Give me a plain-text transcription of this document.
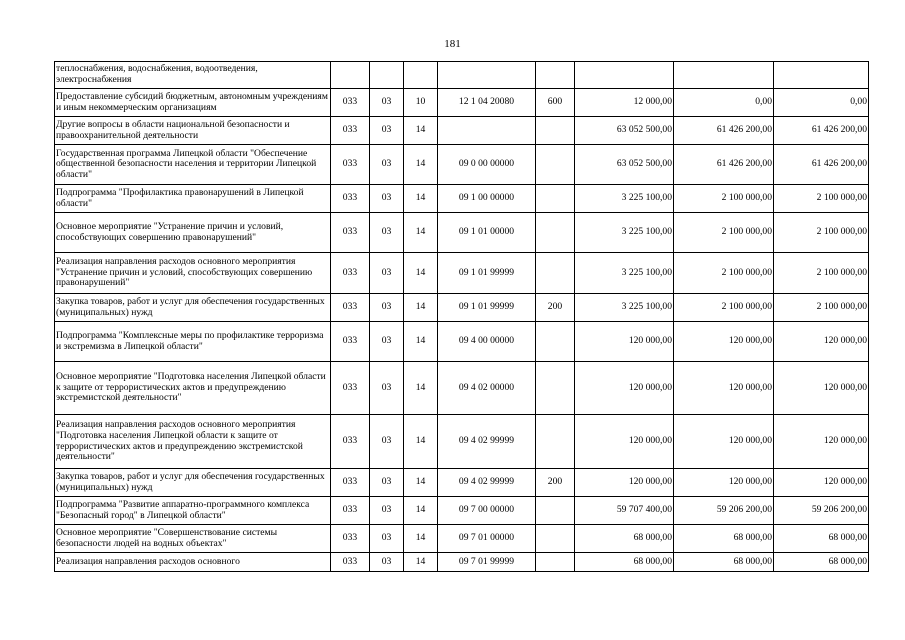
181
теплоснабжения, водоснабжения, водоотведения, электроснабжения								
Предоставление субсидий бюджетным, автономным учреждениям и иным некоммерческим организациям	033	03	10	12 1 04 20080	600	12 000,00	0,00	0,00
Другие вопросы в области национальной безопасности и правоохранительной деятельности	033	03	14			63 052 500,00	61 426 200,00	61 426 200,00
Государственная программа Липецкой области "Обеспечение общественной безопасности населения и территории Липецкой области"	033	03	14	09 0 00 00000		63 052 500,00	61 426 200,00	61 426 200,00
Подпрограмма "Профилактика правонарушений в Липецкой области"	033	03	14	09 1 00 00000		3 225 100,00	2 100 000,00	2 100 000,00
Основное мероприятие "Устранение причин и условий, способствующих совершению правонарушений"	033	03	14	09 1 01 00000		3 225 100,00	2 100 000,00	2 100 000,00
Реализация направления расходов основного мероприятия "Устранение причин и условий, способствующих совершению правонарушений"	033	03	14	09 1 01 99999		3 225 100,00	2 100 000,00	2 100 000,00
Закупка товаров, работ и услуг для обеспечения государственных (муниципальных) нужд	033	03	14	09 1 01 99999	200	3 225 100,00	2 100 000,00	2 100 000,00
Подпрограмма "Комплексные меры по профилактике терроризма и экстремизма в Липецкой области"	033	03	14	09 4 00 00000		120 000,00	120 000,00	120 000,00
Основное мероприятие "Подготовка населения Липецкой области к защите от террористических актов и предупреждению экстремистской деятельности"	033	03	14	09 4 02 00000		120 000,00	120 000,00	120 000,00
Реализация направления расходов основного мероприятия "Подготовка населения Липецкой области к защите от террористических актов и предупреждению экстремистской деятельности"	033	03	14	09 4 02 99999		120 000,00	120 000,00	120 000,00
Закупка товаров, работ и услуг для обеспечения государственных (муниципальных) нужд	033	03	14	09 4 02 99999	200	120 000,00	120 000,00	120 000,00
Подпрограмма "Развитие аппаратно-программного комплекса "Безопасный город" в Липецкой области"	033	03	14	09 7 00 00000		59 707 400,00	59 206 200,00	59 206 200,00
Основное мероприятие "Совершенствование системы безопасности людей на водных объектах"	033	03	14	09 7 01 00000		68 000,00	68 000,00	68 000,00
Реализация направления расходов основного	033	03	14	09 7 01 99999		68 000,00	68 000,00	68 000,00
